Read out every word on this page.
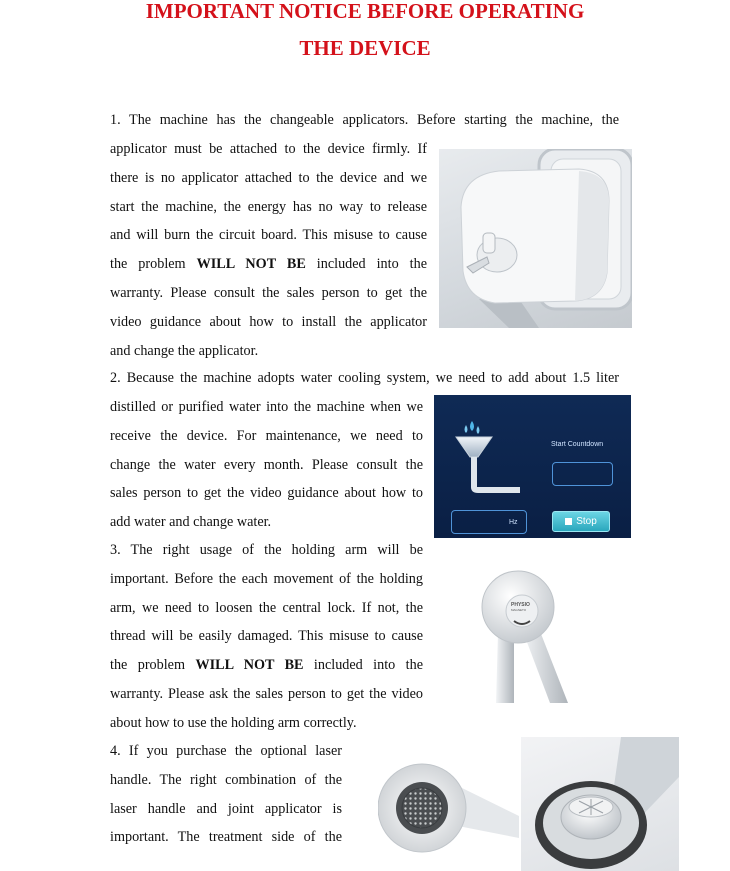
IMPORTANT NOTICE BEFORE OPERATING
THE DEVICE
1. The machine has the changeable applicators. Before starting the machine, the
applicator must be attached to the device firmly. If
there is no applicator attached to the device and we
start the machine, the energy has no way to release
and will burn the circuit board. This misuse to cause
the problem WILL NOT BE included into the
warranty. Please consult the sales person to get the
video guidance about how to install the applicator
and change the applicator.
2. Because the machine adopts water cooling system, we need to add about 1.5 liter
distilled or purified water into the machine when we
receive the device. For maintenance, we need to
change the water every month. Please consult the
sales person to get the video guidance about how to
add water and change water.
3. The right usage of the holding arm will be
important. Before the each movement of the holding
arm, we need to loosen the central lock. If not, the
thread will be easily damaged. This misuse to cause
the problem WILL NOT BE included into the
warranty. Please ask the sales person to get the video
about how to use the holding arm correctly.
4. If you purchase the optional laser
handle. The right combination of the
laser handle and joint applicator is
important. The treatment side of the
Start Countdown
Hz	Stop
PHYSIO
MAGNETO
